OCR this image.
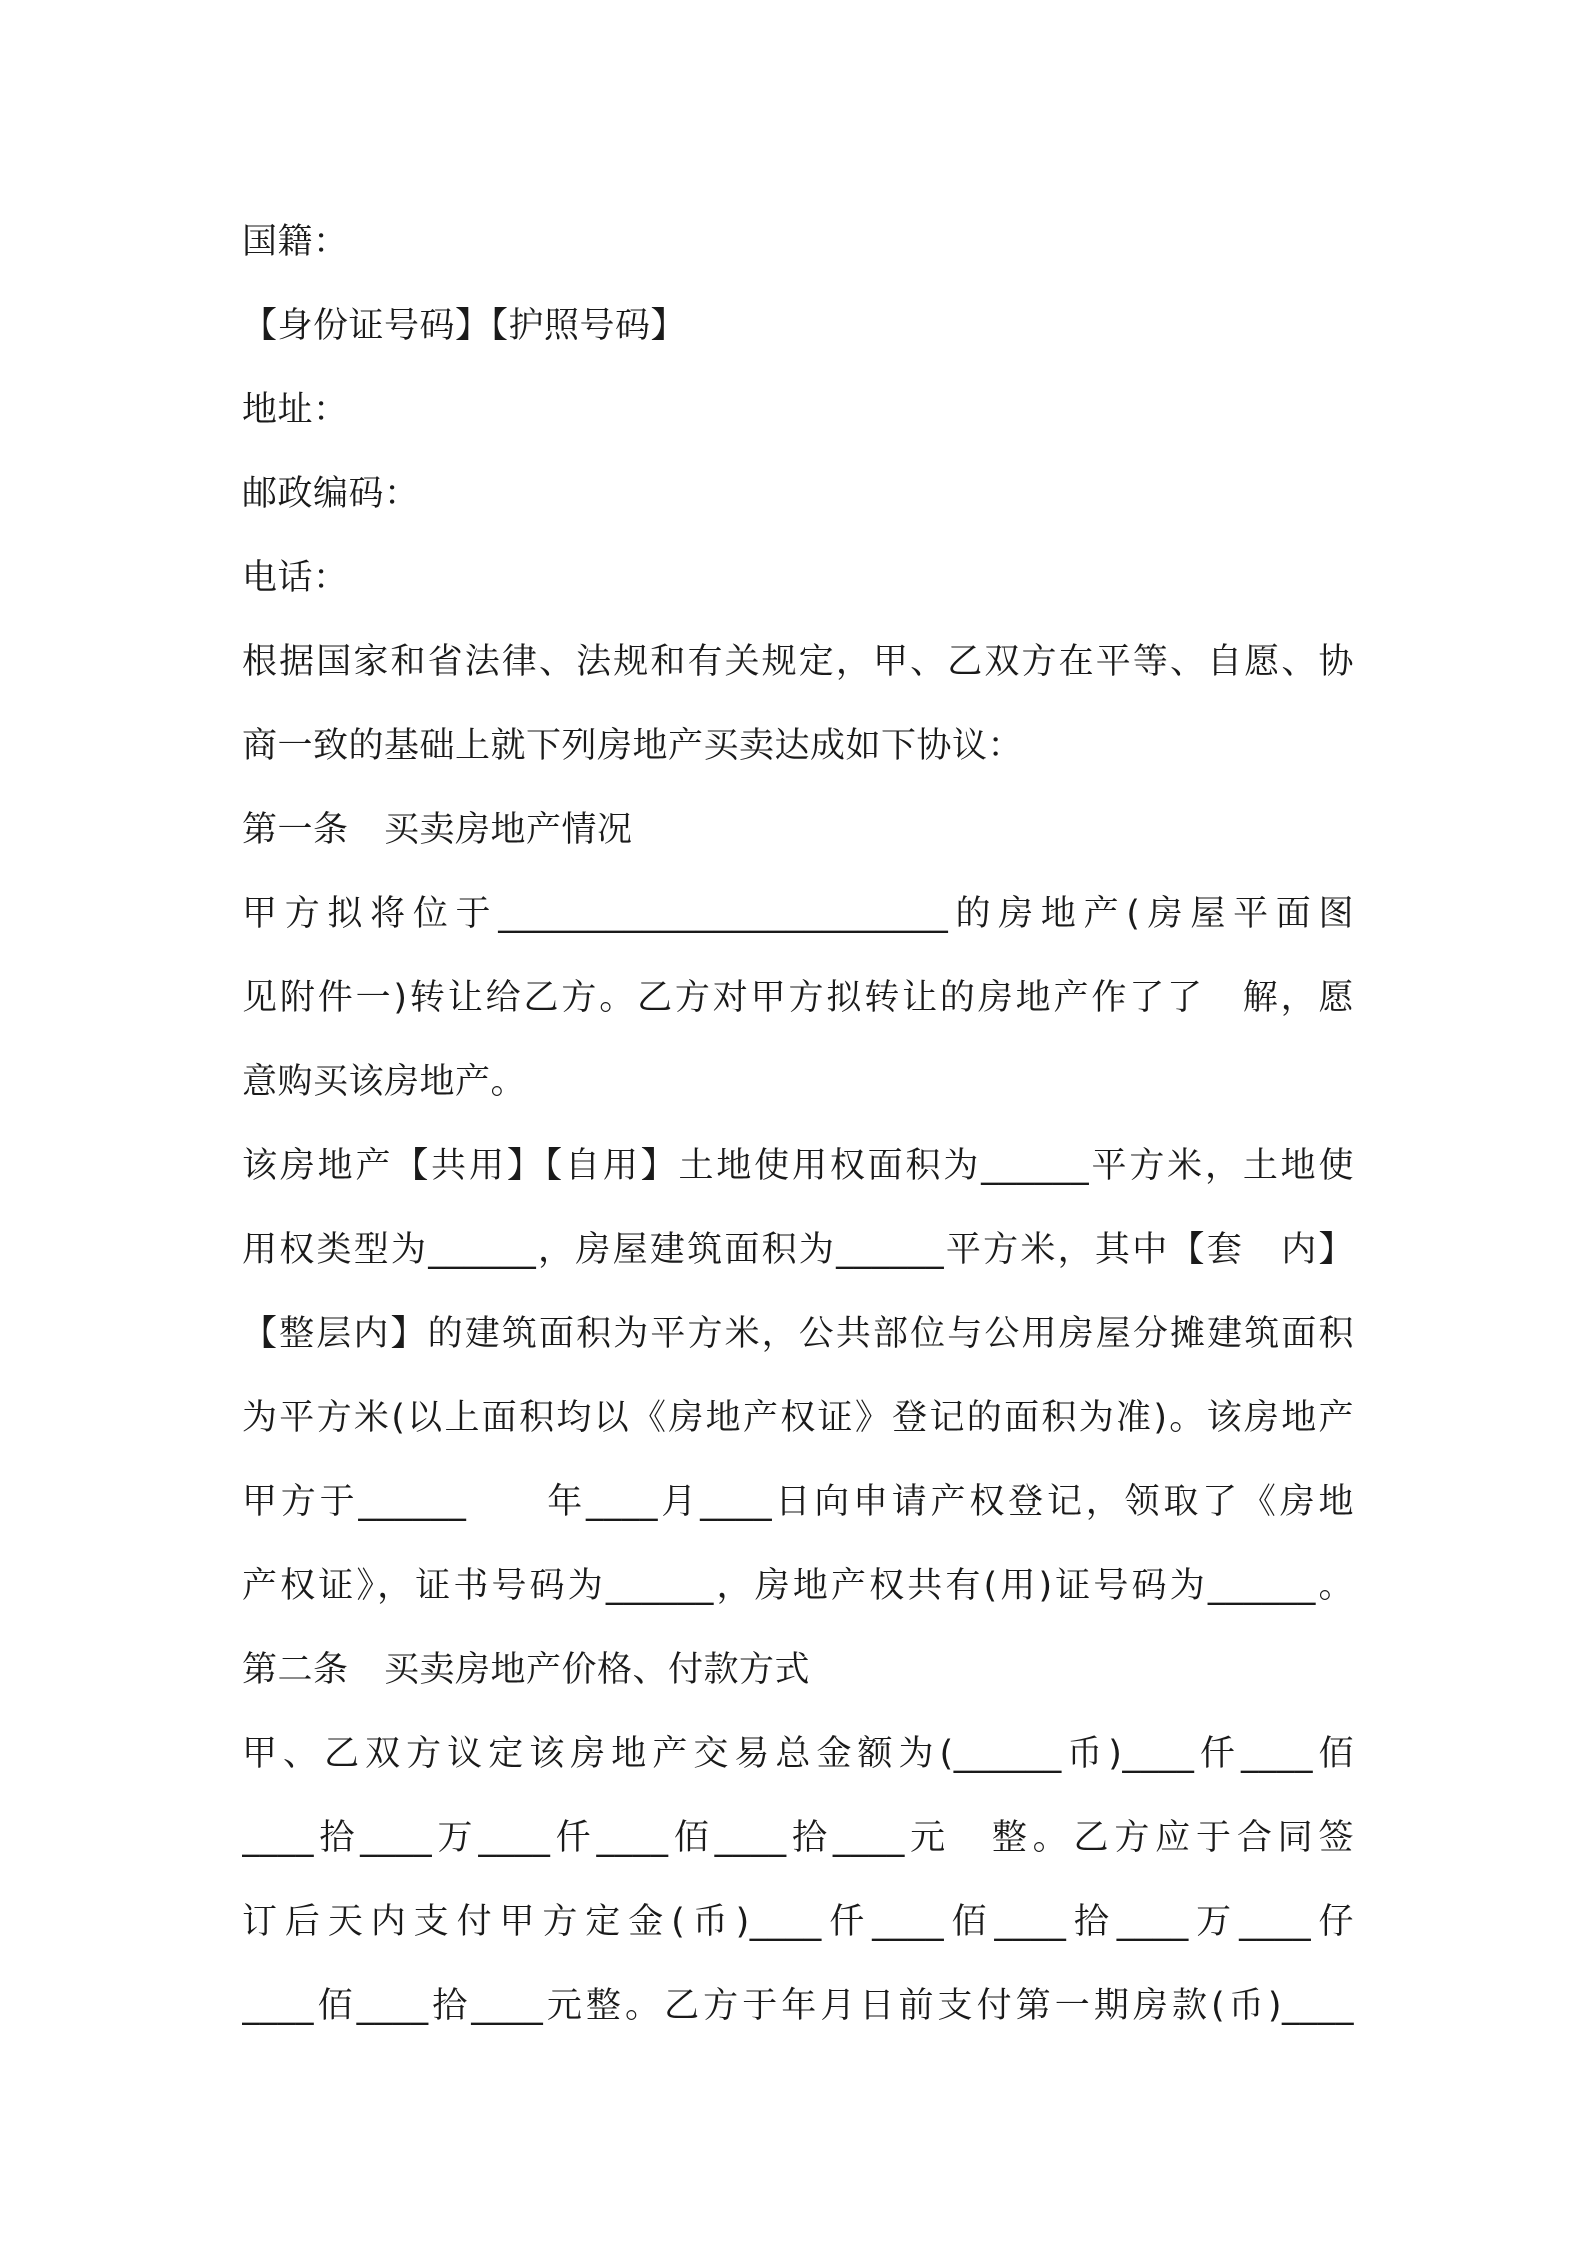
国籍：
【身份证号码】【护照号码】
地址：
邮政编码：
电话：
根据国家和省法律、法规和有关规定，甲、乙双方在平等、自愿、协
商一致的基础上就下列房地产买卖达成如下协议：
第一条　买卖房地产情况
甲方拟将位于_________________________的房地产(房屋平面图
见附件一)转让给乙方。乙方对甲方拟转让的房地产作了了　解，愿
意购买该房地产。
该房地产【共用】【自用】土地使用权面积为______平方米，土地使
用权类型为______，房屋建筑面积为______平方米，其中【套　内】
【整层内】的建筑面积为平方米，公共部位与公用房屋分摊建筑面积
为平方米(以上面积均以《房地产权证》登记的面积为准)。该房地产
甲方于______　　年____月____日向申请产权登记，领取了《房地
产权证》，证书号码为______，房地产权共有(用)证号码为______。
第二条　买卖房地产价格、付款方式
甲、乙双方议定该房地产交易总金额为(______币)____仟____佰
____拾____万____仟____佰____拾____元　整。乙方应于合同签
订后天内支付甲方定金(币)____仟____佰____拾____万____仔
____佰____拾____元整。乙方于年月日前支付第一期房款(币)____
